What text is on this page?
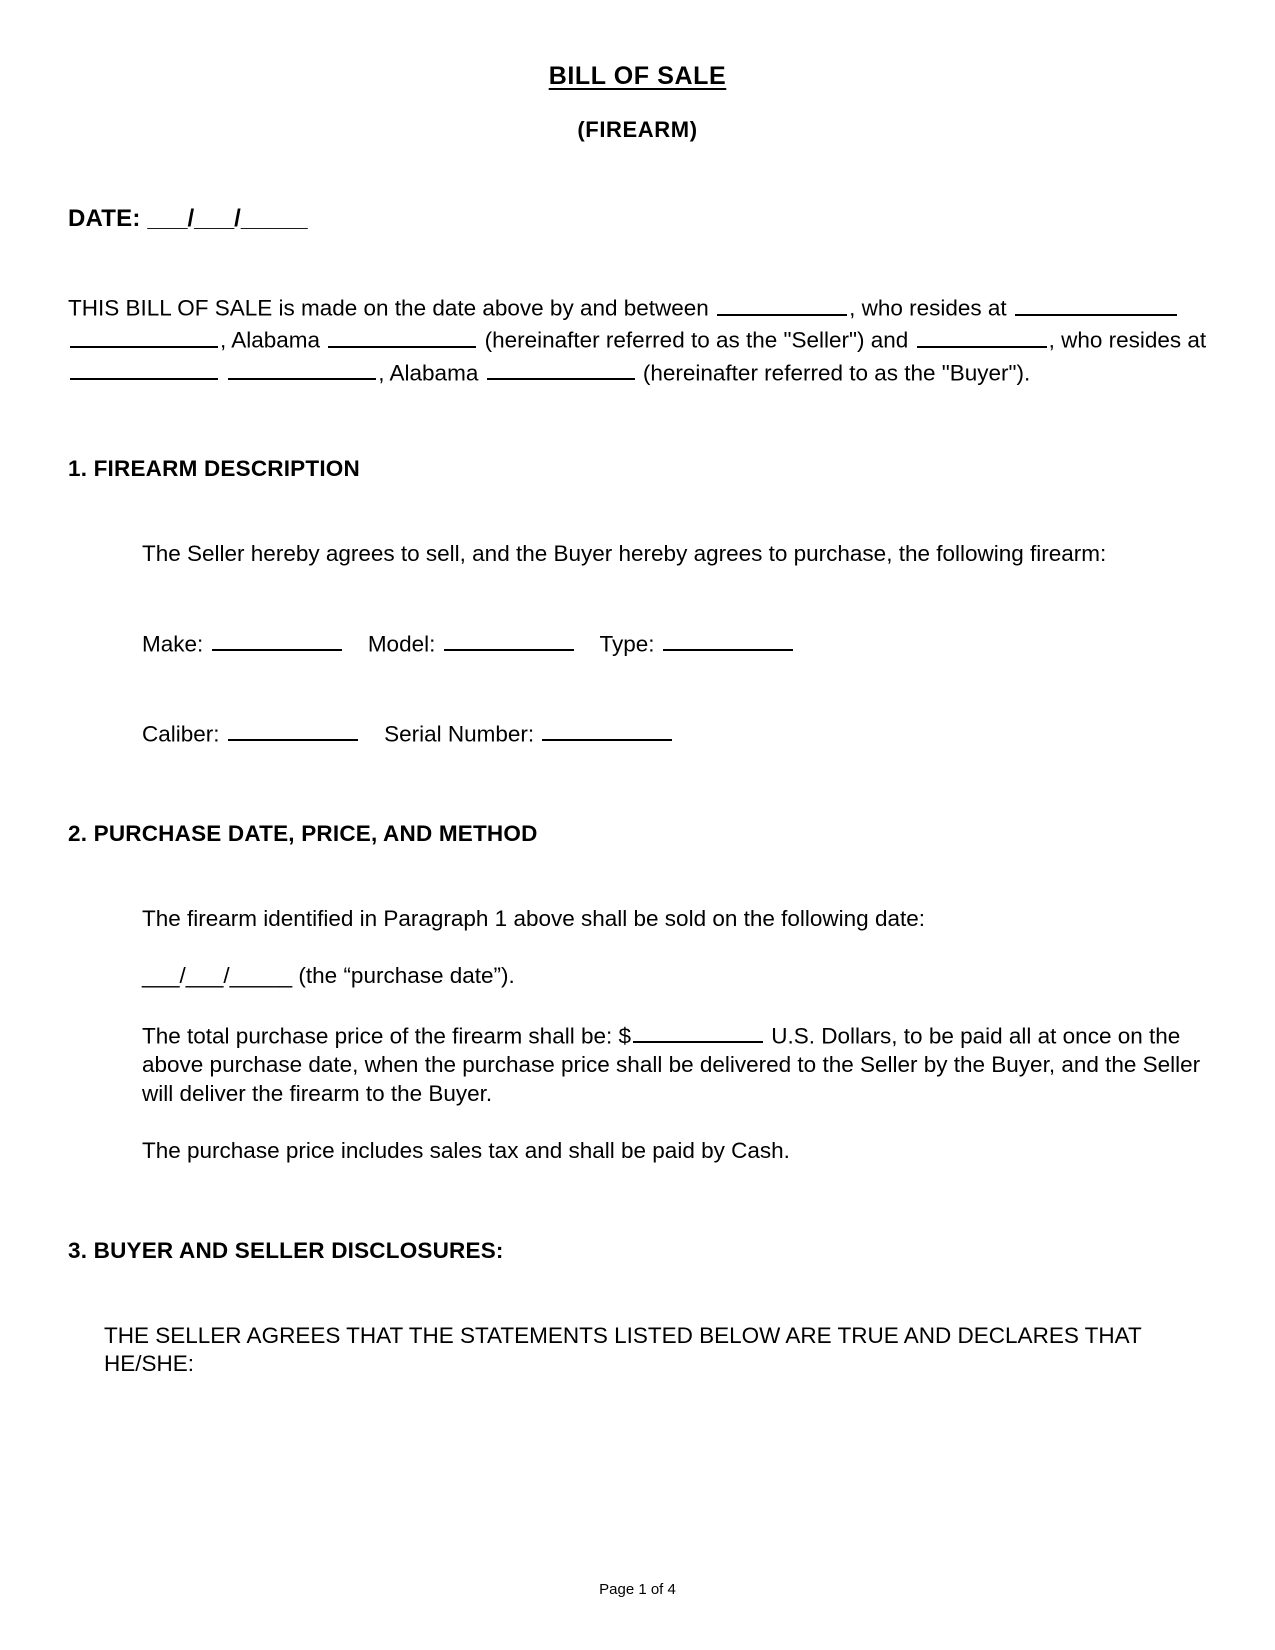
BILL OF SALE
(FIREARM)

DATE: ___/___/_____

THIS BILL OF SALE is made on the date above by and between	, who resides at  , Alabama	(hereinafter referred to as the "Seller") and	, who resides at  , Alabama	(hereinafter referred to as the "Buyer").

1. FIREARM DESCRIPTION
The Seller hereby agrees to sell, and the Buyer hereby agrees to purchase, the following firearm:
Make:	Model:	Type:
Caliber:	Serial Number:
2. PURCHASE DATE, PRICE, AND METHOD
The firearm identified in Paragraph 1 above shall be sold on the following date:
___/___/_____ (the “purchase date”).
The total purchase price of the firearm shall be: $	U.S. Dollars, to be paid all at once on the above purchase date, when the purchase price shall be delivered to the Seller by the Buyer, and the Seller will deliver the firearm to the Buyer.
The purchase price includes sales tax and shall be paid by Cash.
3. BUYER AND SELLER DISCLOSURES:
THE SELLER AGREES THAT THE STATEMENTS LISTED BELOW ARE TRUE AND DECLARES THAT HE/SHE:
Page 1 of 4
